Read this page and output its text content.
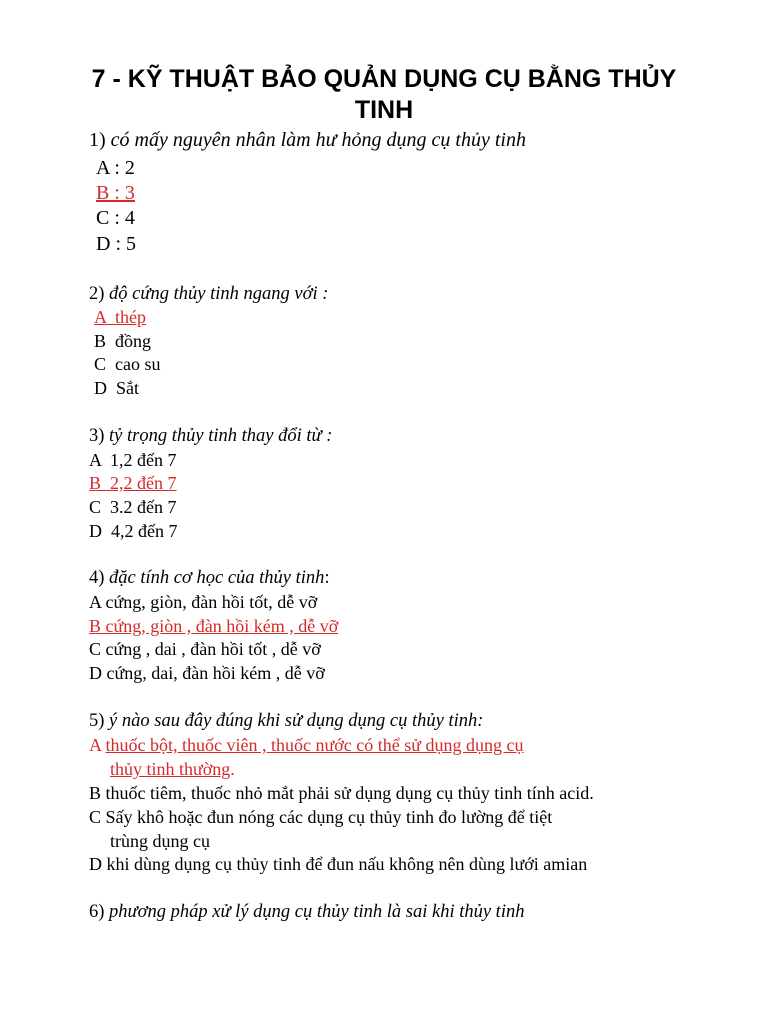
7 - KỸ THUẬT BẢO QUẢN DỤNG CỤ BẰNG THỦY
TINH
1) có mấy nguyên nhân làm hư hỏng dụng cụ thủy tinh
A : 2
B : 3
C : 4
D : 5
2) độ cứng thủy tinh ngang với :
A  thép
B  đồng
C  cao su
D  Sắt
3) tỷ trọng thủy tinh thay đổi từ :
A  1,2 đến 7
B  2,2 đến 7
C  3.2 đến 7
D  4,2 đến 7
4) đặc tính cơ học của thủy tinh:
A cứng, giòn, đàn hồi tốt, dễ vỡ
B cứng, giòn , đàn hồi kém , dễ vỡ
C cứng , dai , đàn hồi tốt , dễ vỡ
D cứng, dai, đàn hồi kém , dễ vỡ
5) ý nào sau đây đúng khi sử dụng dụng cụ thủy tinh:
A thuốc bột, thuốc viên , thuốc nước có thể sử dụng dụng cụ
thủy tinh thường.
B thuốc tiêm, thuốc nhỏ mắt phải sử dụng dụng cụ thủy tinh tính acid.
C Sấy khô hoặc đun nóng các dụng cụ thủy tinh đo lường để tiệt
trùng dụng cụ
D khi dùng dụng cụ thủy tinh để đun nấu không nên dùng lưới amian
6) phương pháp xử lý dụng cụ thủy tinh là sai khi thủy tinh
